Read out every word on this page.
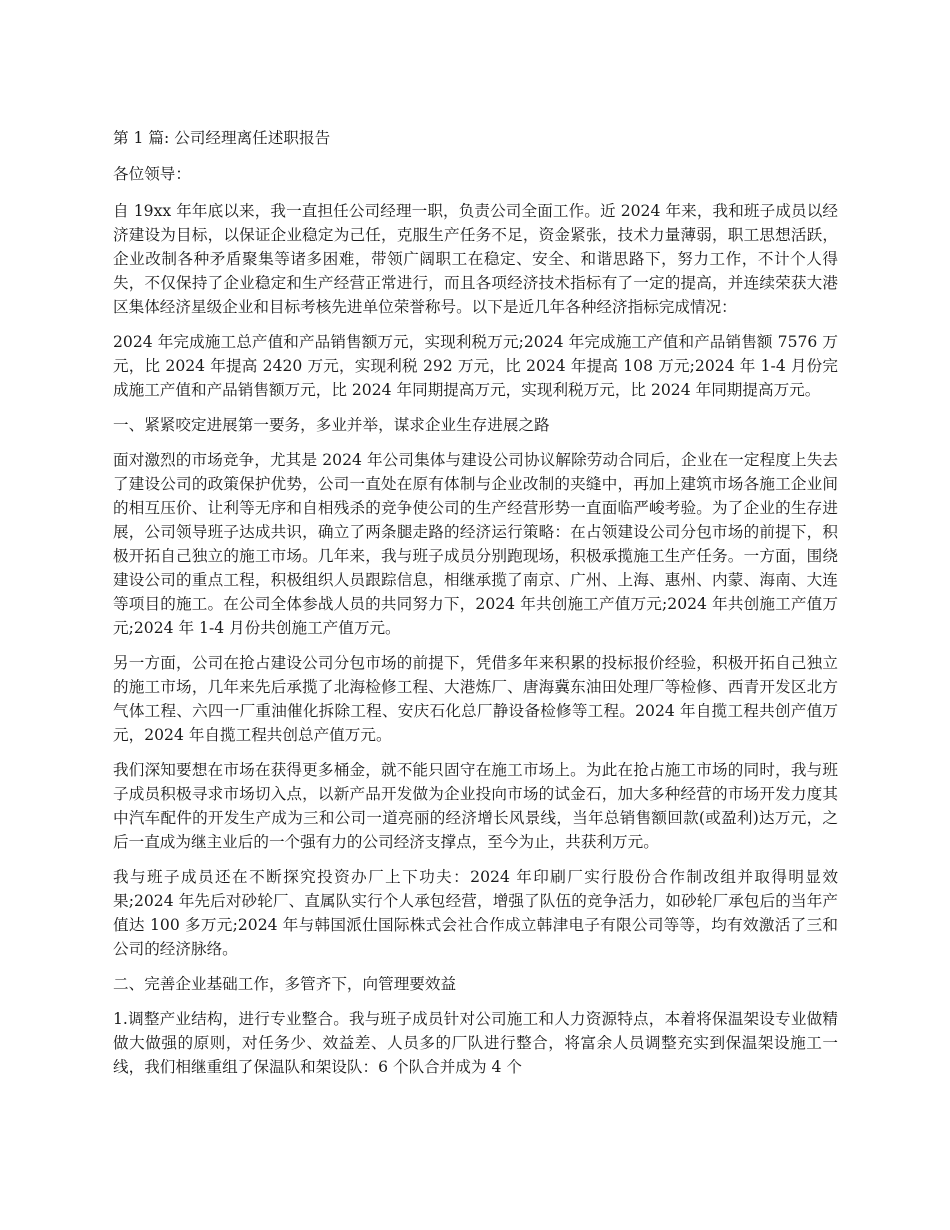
第 1 篇: 公司经理离任述职报告

各位领导：

自 19xx 年年底以来，我一直担任公司经理一职，负责公司全面工作。近 2024 年来，我和班子成员以经济建设为目标，以保证企业稳定为己任，克服生产任务不足，资金紧张，技术力量薄弱，职工思想活跃，企业改制各种矛盾聚集等诸多困难，带领广阔职工在稳定、安全、和谐思路下，努力工作，不计个人得失，不仅保持了企业稳定和生产经营正常进行，而且各项经济技术指标有了一定的提高，并连续荣获大港区集体经济星级企业和目标考核先进单位荣誉称号。以下是近几年各种经济指标完成情况：

2024 年完成施工总产值和产品销售额万元，实现利税万元;2024 年完成施工产值和产品销售额 7576 万元，比 2024 年提高 2420 万元，实现利税 292 万元，比 2024 年提高 108 万元;2024 年 1-4 月份完成施工产值和产品销售额万元，比 2024 年同期提高万元，实现利税万元，比 2024 年同期提高万元。

一、紧紧咬定进展第一要务，多业并举，谋求企业生存进展之路

面对激烈的市场竞争，尤其是 2024 年公司集体与建设公司协议解除劳动合同后，企业在一定程度上失去了建设公司的政策保护优势，公司一直处在原有体制与企业改制的夹缝中，再加上建筑市场各施工企业间的相互压价、让利等无序和自相残杀的竞争使公司的生产经营形势一直面临严峻考验。为了企业的生存进展，公司领导班子达成共识，确立了两条腿走路的经济运行策略：在占领建设公司分包市场的前提下，积极开拓自己独立的施工市场。几年来，我与班子成员分别跑现场，积极承揽施工生产任务。一方面，围绕建设公司的重点工程，积极组织人员跟踪信息，相继承揽了南京、广州、上海、惠州、内蒙、海南、大连等项目的施工。在公司全体参战人员的共同努力下，2024 年共创施工产值万元;2024 年共创施工产值万元;2024 年 1-4 月份共创施工产值万元。

另一方面，公司在抢占建设公司分包市场的前提下，凭借多年来积累的投标报价经验，积极开拓自己独立的施工市场，几年来先后承揽了北海检修工程、大港炼厂、唐海冀东油田处理厂等检修、西青开发区北方气体工程、六四一厂重油催化拆除工程、安庆石化总厂静设备检修等工程。2024 年自揽工程共创产值万元，2024 年自揽工程共创总产值万元。

我们深知要想在市场在获得更多桶金，就不能只固守在施工市场上。为此在抢占施工市场的同时，我与班子成员积极寻求市场切入点，以新产品开发做为企业投向市场的试金石，加大多种经营的市场开发力度其中汽车配件的开发生产成为三和公司一道亮丽的经济增长风景线，当年总销售额回款(或盈利)达万元，之后一直成为继主业后的一个强有力的公司经济支撑点，至今为止，共获利万元。

我与班子成员还在不断探究投资办厂上下功夫：2024 年印刷厂实行股份合作制改组并取得明显效果;2024 年先后对砂轮厂、直属队实行个人承包经营，增强了队伍的竞争活力，如砂轮厂承包后的当年产值达 100 多万元;2024 年与韩国派仕国际株式会社合作成立韩津电子有限公司等等，均有效激活了三和公司的经济脉络。

二、完善企业基础工作，多管齐下，向管理要效益

1.调整产业结构，进行专业整合。我与班子成员针对公司施工和人力资源特点，本着将保温架设专业做精做大做强的原则，对任务少、效益差、人员多的厂队进行整合，将富余人员调整充实到保温架设施工一线，我们相继重组了保温队和架设队：6 个队合并成为 4 个
